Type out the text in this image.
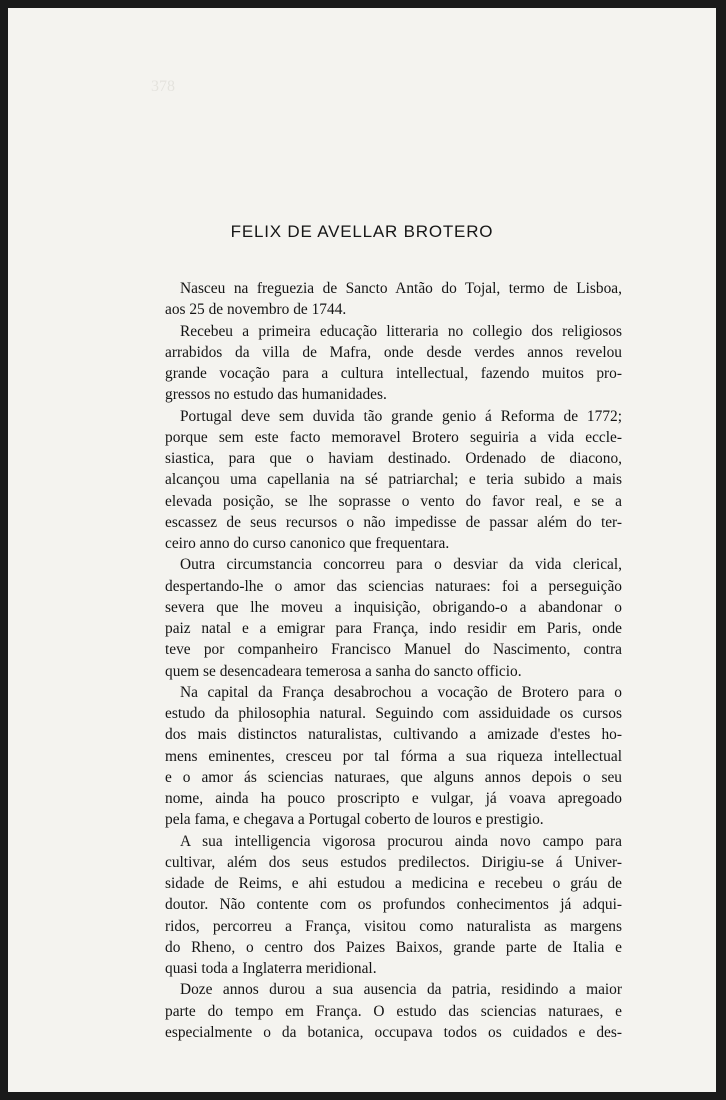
378
FELIX DE AVELLAR BROTERO
Nasceu na freguezia de Sancto Antão do Tojal, termo de Lisboa,
aos 25 de novembro de 1744.
Recebeu a primeira educação litteraria no collegio dos religiosos
arrabidos da villa de Mafra, onde desde verdes annos revelou
grande vocação para a cultura intellectual, fazendo muitos pro-
gressos no estudo das humanidades.
Portugal deve sem duvida tão grande genio á Reforma de 1772;
porque sem este facto memoravel Brotero seguiria a vida eccle-
siastica, para que o haviam destinado. Ordenado de diacono,
alcançou uma capellania na sé patriarchal; e teria subido a mais
elevada posição, se lhe soprasse o vento do favor real, e se a
escassez de seus recursos o não impedisse de passar além do ter-
ceiro anno do curso canonico que frequentara.
Outra circumstancia concorreu para o desviar da vida clerical,
despertando-lhe o amor das sciencias naturaes: foi a perseguição
severa que lhe moveu a inquisição, obrigando-o a abandonar o
paiz natal e a emigrar para França, indo residir em Paris, onde
teve por companheiro Francisco Manuel do Nascimento, contra
quem se desencadeara temerosa a sanha do sancto officio.
Na capital da França desabrochou a vocação de Brotero para o
estudo da philosophia natural. Seguindo com assiduidade os cursos
dos mais distinctos naturalistas, cultivando a amizade d'estes ho-
mens eminentes, cresceu por tal fórma a sua riqueza intellectual
e o amor ás sciencias naturaes, que alguns annos depois o seu
nome, ainda ha pouco proscripto e vulgar, já voava apregoado
pela fama, e chegava a Portugal coberto de louros e prestigio.
A sua intelligencia vigorosa procurou ainda novo campo para
cultivar, além dos seus estudos predilectos. Dirigiu-se á Univer-
sidade de Reims, e ahi estudou a medicina e recebeu o gráu de
doutor. Não contente com os profundos conhecimentos já adqui-
ridos, percorreu a França, visitou como naturalista as margens
do Rheno, o centro dos Paizes Baixos, grande parte de Italia e
quasi toda a Inglaterra meridional.
Doze annos durou a sua ausencia da patria, residindo a maior
parte do tempo em França. O estudo das sciencias naturaes, e
especialmente o da botanica, occupava todos os cuidados e des-
